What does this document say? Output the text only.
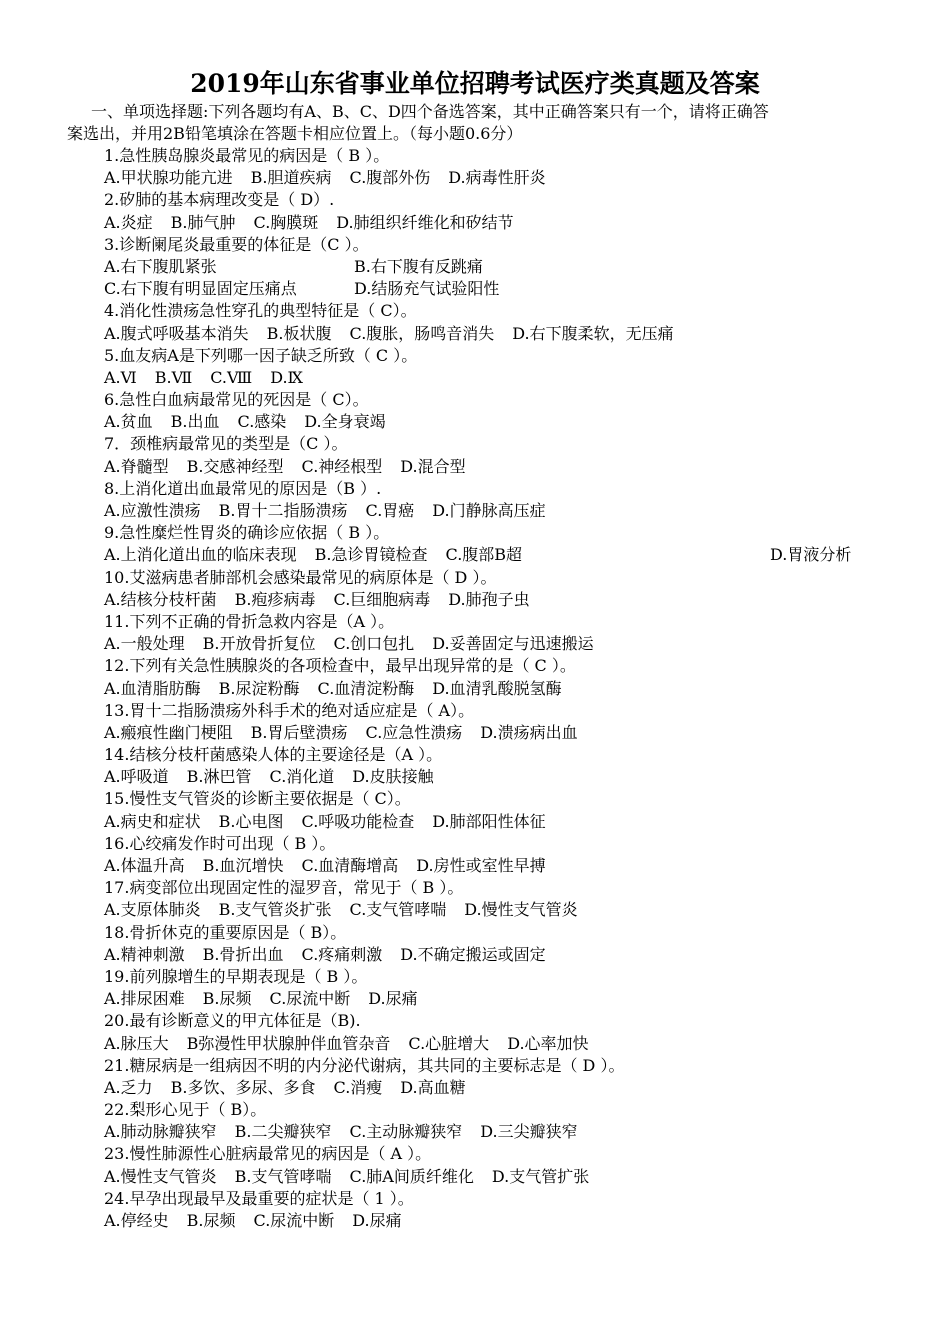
2019年山东省事业单位招聘考试医疗类真题及答案
一、单项选择题:下列各题均有A、B、C、D四个备选答案，其中正确答案只有一个，请将正确答
案选出，并用2B铅笔填涂在答题卡相应位置上。（每小题0.6分）
1.急性胰岛腺炎最常见的病因是（ B ）。
A.甲状腺功能亢进 B.胆道疾病 C.腹部外伤 D.病毒性肝炎
2.矽肺的基本病理改变是（ D）.
A.炎症 B.肺气肿 C.胸膜斑 D.肺组织纤维化和矽结节
3.诊断阑尾炎最重要的体征是（C ）。
A.右下腹肌紧张	B.右下腹有反跳痛
C.右下腹有明显固定压痛点	D.结肠充气试验阳性
4.消化性溃疡急性穿孔的典型特征是（ C）。
A.腹式呼吸基本消失 B.板状腹 C.腹胀，肠鸣音消失 D.右下腹柔软，无压痛
5.血友病A是下列哪一因子缺乏所致（ C ）。
A.Ⅵ B.Ⅶ C.Ⅷ D.Ⅸ
6.急性白血病最常见的死因是（ C）。
A.贫血 B.出血 C.感染 D.全身衰竭
7．颈椎病最常见的类型是（C ）。
A.脊髓型 B.交感神经型 C.神经根型 D.混合型
8.上消化道出血最常见的原因是（B ）.
A.应激性溃疡 B.胃十二指肠溃疡 C.胃癌 D.门静脉高压症
9.急性糜烂性胃炎的确诊应依据（ B ）。
A.上消化道出血的临床表现 B.急诊胃镜检查 C.腹部B超	D.胃液分析
10.艾滋病患者肺部机会感染最常见的病原体是（ D ）。
A.结核分枝杆菌 B.疱疹病毒 C.巨细胞病毒 D.肺孢子虫
11.下列不正确的骨折急救内容是（A ）。
A.一般处理 B.开放骨折复位 C.创口包扎 D.妥善固定与迅速搬运
12.下列有关急性胰腺炎的各项检查中，最早出现异常的是（ C ）。
A.血清脂肪酶 B.尿淀粉酶 C.血清淀粉酶 D.血清乳酸脱氢酶
13.胃十二指肠溃疡外科手术的绝对适应症是（ A）。
A.瘢痕性幽门梗阻 B.胃后壁溃疡 C.应急性溃疡 D.溃疡病出血
14.结核分枝杆菌感染人体的主要途径是（A ）。
A.呼吸道 B.淋巴管 C.消化道 D.皮肤接触
15.慢性支气管炎的诊断主要依据是（ C）。
A.病史和症状 B.心电图 C.呼吸功能检查 D.肺部阳性体征
16.心绞痛发作时可出现（ B ）。
A.体温升高 B.血沉增快 C.血清酶增高 D.房性或室性早搏
17.病变部位出现固定性的湿罗音，常见于（ B ）。
A.支原体肺炎 B.支气管炎扩张 C.支气管哮喘 D.慢性支气管炎
18.骨折休克的重要原因是（ B）。
A.精神刺激 B.骨折出血 C.疼痛刺激 D.不确定搬运或固定
19.前列腺增生的早期表现是（ B ）。
A.排尿困难 B.尿频 C.尿流中断 D.尿痛
20.最有诊断意义的甲亢体征是（B).
A.脉压大 B弥漫性甲状腺肿伴血管杂音 C.心脏增大 D.心率加快
21.糖尿病是一组病因不明的内分泌代谢病，其共同的主要标志是（ D ）。
A.乏力 B.多饮、多尿、多食 C.消瘦 D.高血糖
22.梨形心见于（ B）。
A.肺动脉瓣狭窄 B.二尖瓣狭窄 C.主动脉瓣狭窄 D.三尖瓣狭窄
23.慢性肺源性心脏病最常见的病因是（ A ）。
A.慢性支气管炎 B.支气管哮喘 C.肺A间质纤维化 D.支气管扩张
24.早孕出现最早及最重要的症状是（ 1 ）。
A.停经史 B.尿频 C.尿流中断 D.尿痛
